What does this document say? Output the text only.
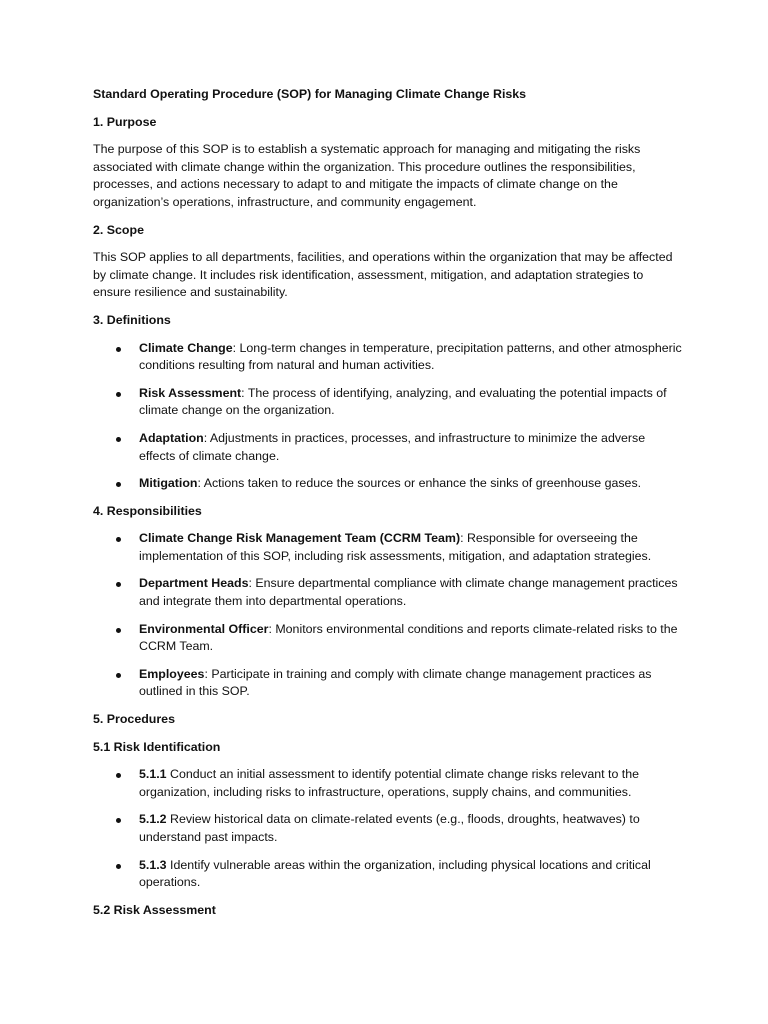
Standard Operating Procedure (SOP) for Managing Climate Change Risks
1. Purpose
The purpose of this SOP is to establish a systematic approach for managing and mitigating the risks associated with climate change within the organization. This procedure outlines the responsibilities, processes, and actions necessary to adapt to and mitigate the impacts of climate change on the organization’s operations, infrastructure, and community engagement.
2. Scope
This SOP applies to all departments, facilities, and operations within the organization that may be affected by climate change. It includes risk identification, assessment, mitigation, and adaptation strategies to ensure resilience and sustainability.
3. Definitions
Climate Change: Long-term changes in temperature, precipitation patterns, and other atmospheric conditions resulting from natural and human activities.
Risk Assessment: The process of identifying, analyzing, and evaluating the potential impacts of climate change on the organization.
Adaptation: Adjustments in practices, processes, and infrastructure to minimize the adverse effects of climate change.
Mitigation: Actions taken to reduce the sources or enhance the sinks of greenhouse gases.
4. Responsibilities
Climate Change Risk Management Team (CCRM Team): Responsible for overseeing the implementation of this SOP, including risk assessments, mitigation, and adaptation strategies.
Department Heads: Ensure departmental compliance with climate change management practices and integrate them into departmental operations.
Environmental Officer: Monitors environmental conditions and reports climate-related risks to the CCRM Team.
Employees: Participate in training and comply with climate change management practices as outlined in this SOP.
5. Procedures
5.1 Risk Identification
5.1.1 Conduct an initial assessment to identify potential climate change risks relevant to the organization, including risks to infrastructure, operations, supply chains, and communities.
5.1.2 Review historical data on climate-related events (e.g., floods, droughts, heatwaves) to understand past impacts.
5.1.3 Identify vulnerable areas within the organization, including physical locations and critical operations.
5.2 Risk Assessment
